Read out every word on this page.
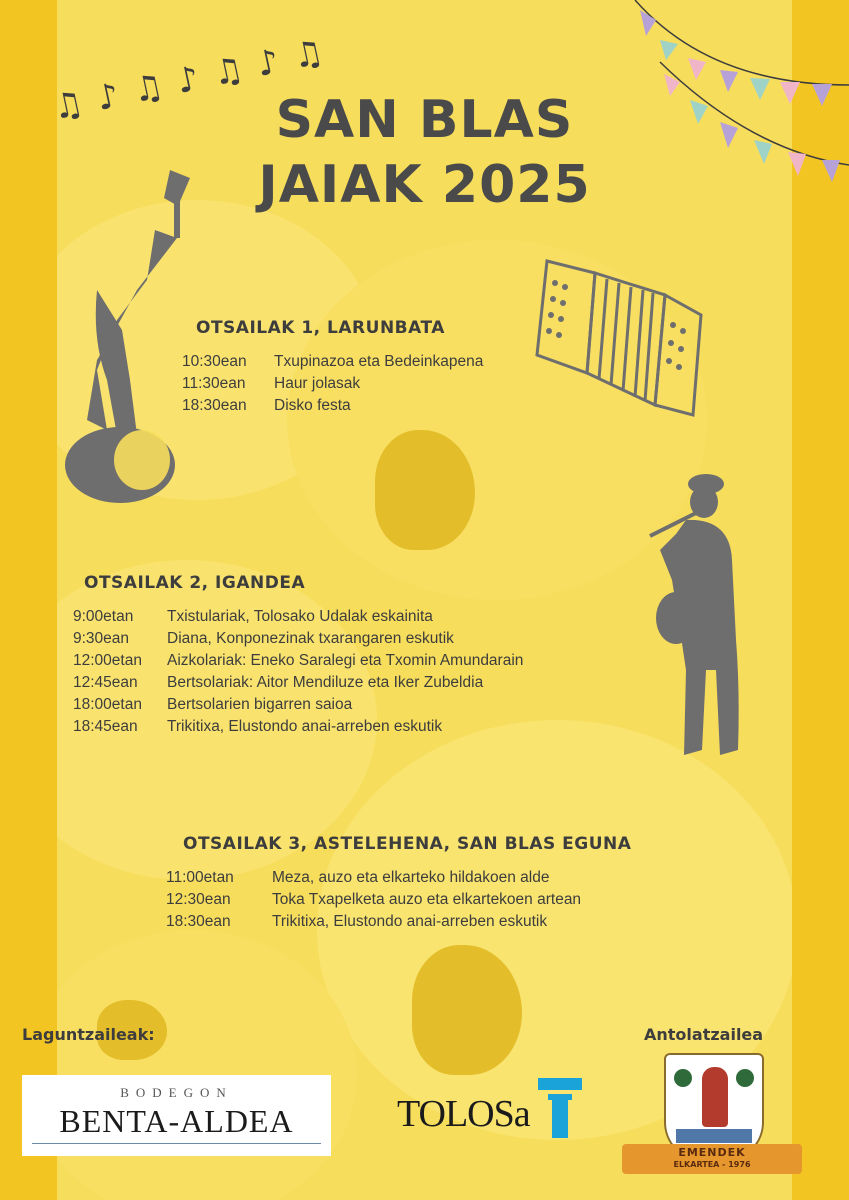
♫ ♪ ♫ ♪ ♫ ♪ ♫
SAN BLAS
JAIAK 2025
OTSAILAK 1, LARUNBATA
10:30ean Txupinazoa eta Bedeinkapena
11:30ean Haur jolasak
18:30ean Disko festa
OTSAILAK 2, IGANDEA
9:00etan Txistulariak, Tolosako Udalak eskainita
9:30ean Diana, Konponezinak txarangaren eskutik
12:00etan Aizkolariak: Eneko Saralegi eta Txomin Amundarain
12:45ean Bertsolariak: Aitor Mendiluze eta Iker Zubeldia
18:00etan Bertsolarien bigarren saioa
18:45ean Trikitixa, Elustondo anai-arreben eskutik
OTSAILAK 3, ASTELEHENA, SAN BLAS EGUNA
11:00etan Meza, auzo eta elkarteko hildakoen alde
12:30ean	Toka Txapelketa auzo eta elkartekoen artean
18:30ean	Trikitixa, Elustondo anai-arreben eskutik
Laguntzaileak:	Antolatzailea
BODEGON
BENTA-ALDEA	TOLOSa
EMENDEK
ELKARTEA - 1976
